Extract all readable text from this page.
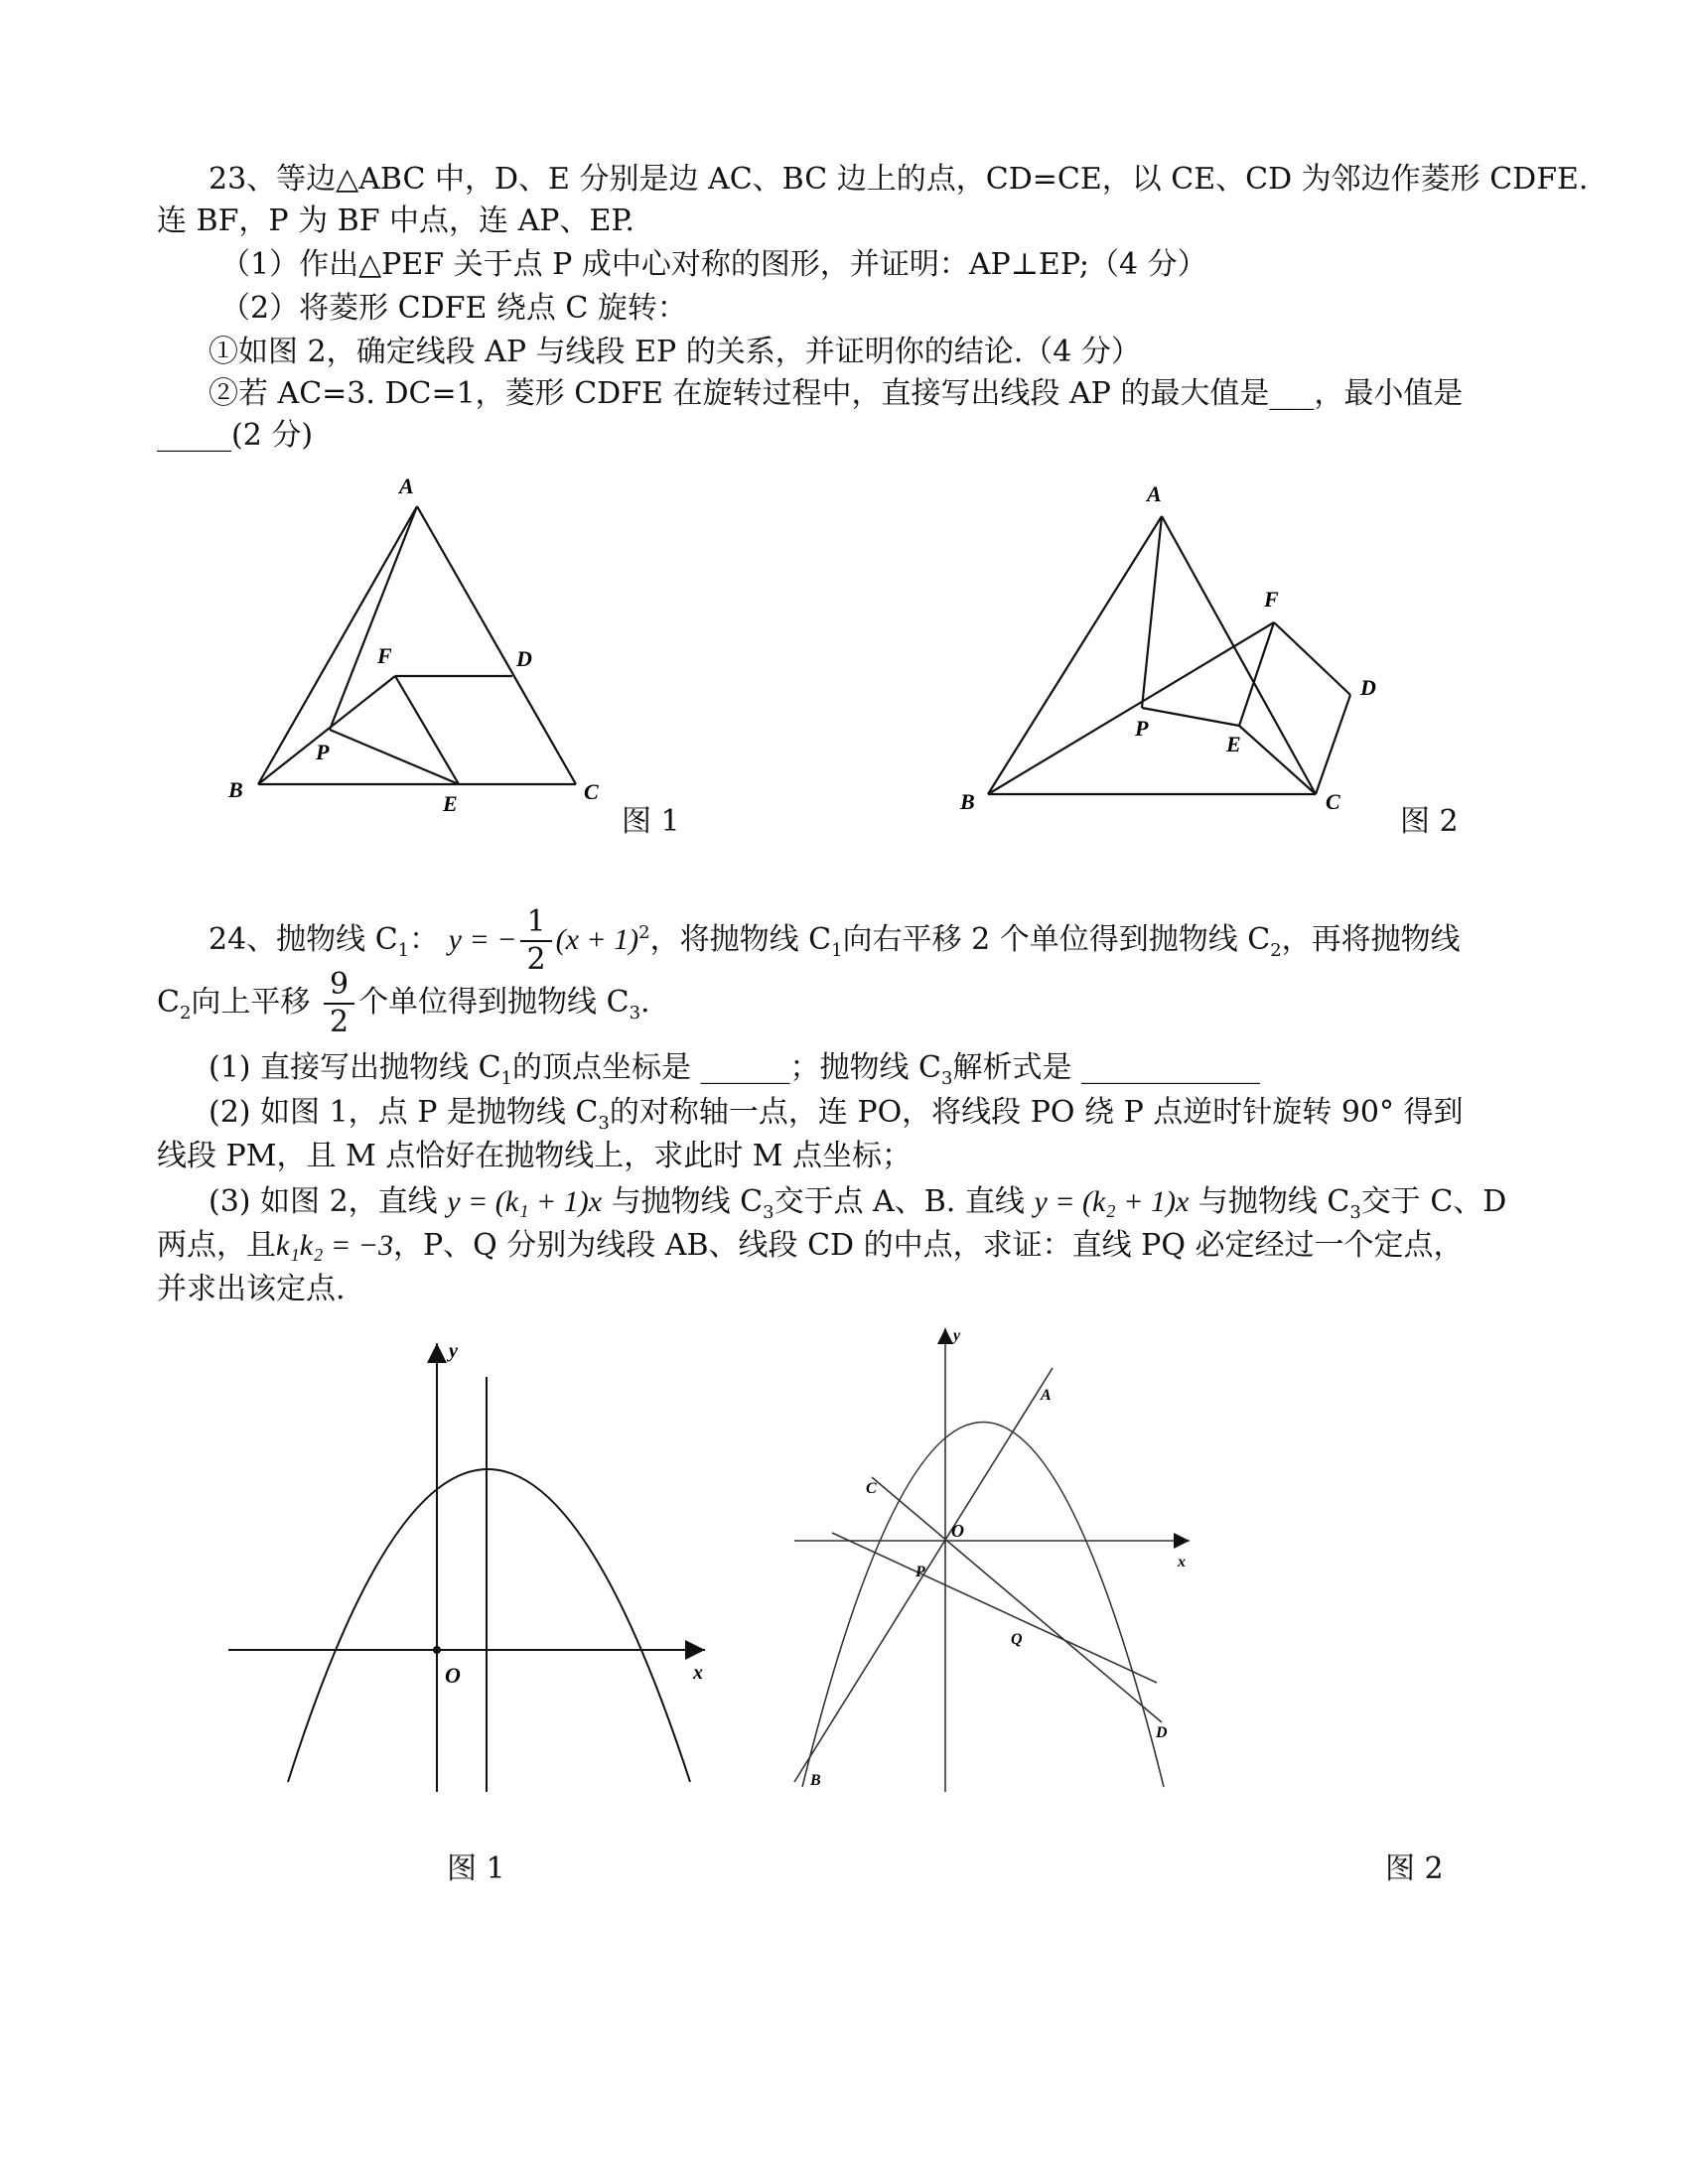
23、等边△ABC 中，D、E 分别是边 AC、BC 边上的点，CD=CE，以 CE、CD 为邻边作菱形 CDFE.
连 BF，P 为 BF 中点，连 AP、EP.
（1）作出△PEF 关于点 P 成中心对称的图形，并证明：AP⊥EP;（4 分）
（2）将菱形 CDFE 绕点 C 旋转：
①如图 2，确定线段 AP 与线段 EP 的关系，并证明你的结论.（4 分）
②若 AC=3. DC=1，菱形 CDFE 在旋转过程中，直接写出线段 AP 的最大值是___，最小值是
_____(2 分)
A
B	C
D
E
F
P
图 1
A
B	C
D
E
F
P
图 2
24、抛物线 $C_1$： y = − $\frac{1}{2} (x + 1)^2$，将抛物线 $C_1$向右平移 2 个单位得到抛物线 $C_2$，再将抛物线
$C_2$向上平移 $\frac{9}{2}$ 个单位得到抛物线 $C_3$.
(1) 直接写出抛物线 $C_1$的顶点坐标是 ______；抛物线 $C_3$解析式是 ____________
(2) 如图 1，点 P 是抛物线 $C_3$的对称轴一点，连 PO，将线段 PO 绕 P 点逆时针旋转 90° 得到
线段 PM，且 M 点恰好在抛物线上，求此时 M 点坐标；
(3) 如图 2，直线 y = (k₁ + 1)x 与抛物线 $C_3$交于点 A、B. 直线 y = (k₂ + 1)x 与抛物线 $C_3$交于 C、D
两点，且k₁k₂ = −3，P、Q 分别为线段 AB、线段 CD 的中点，求证：直线 PQ 必定经过一个定点，
并求出该定点.
y
x
O
图 1
y
x
O
A
B
C
D
P
Q
图 2
